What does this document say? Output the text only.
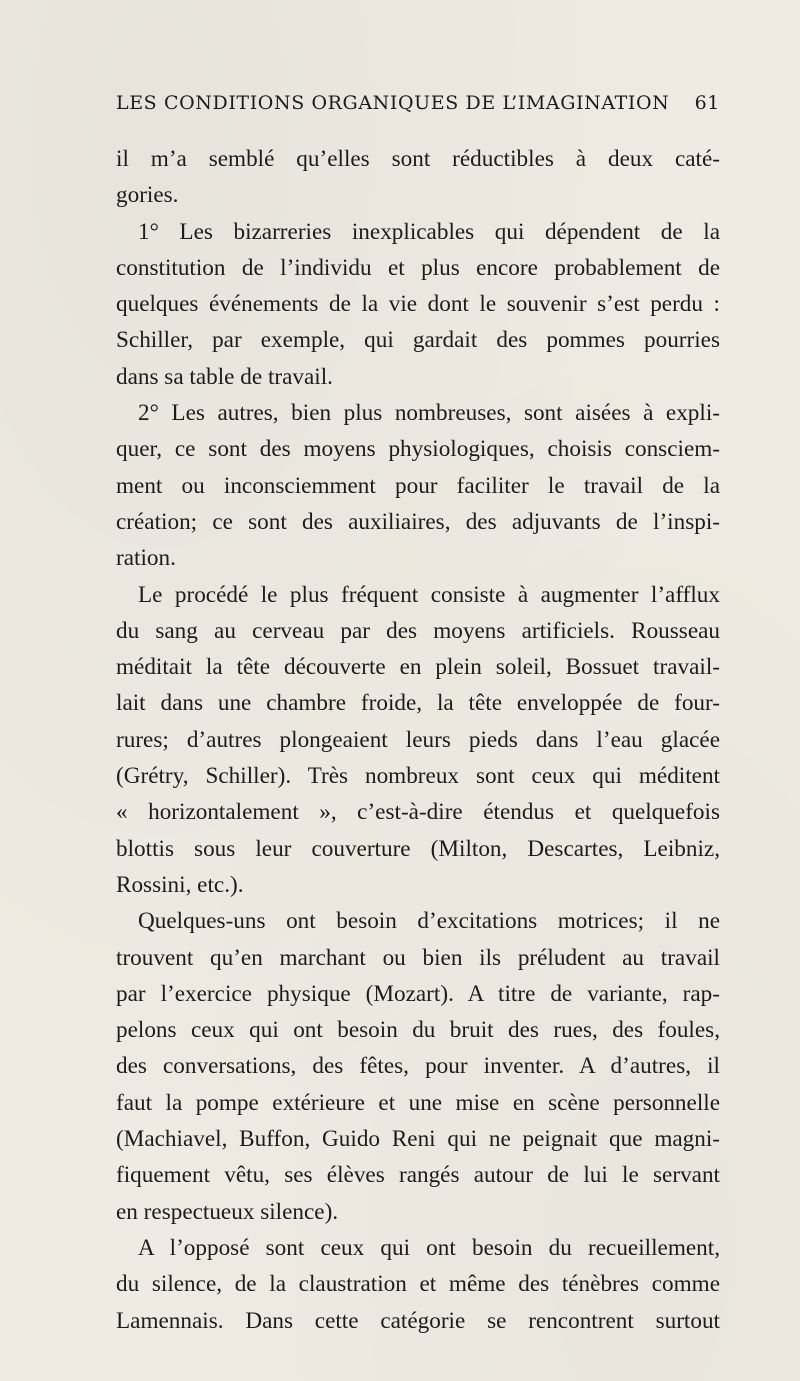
LES CONDITIONS ORGANIQUES DE L’IMAGINATION 61

il m’a semblé qu’elles sont réductibles à deux caté-
gories.

1° Les bizarreries inexplicables qui dépendent de la
constitution de l’individu et plus encore probablement de
quelques événements de la vie dont le souvenir s’est perdu :
Schiller, par exemple, qui gardait des pommes pourries
dans sa table de travail.

2° Les autres, bien plus nombreuses, sont aisées à expli-
quer, ce sont des moyens physiologiques, choisis consciem-
ment ou inconsciemment pour faciliter le travail de la
création; ce sont des auxiliaires, des adjuvants de l’inspi-
ration.

Le procédé le plus fréquent consiste à augmenter l’afflux
du sang au cerveau par des moyens artificiels. Rousseau
méditait la tête découverte en plein soleil, Bossuet travail-
lait dans une chambre froide, la tête enveloppée de four-
rures; d’autres plongeaient leurs pieds dans l’eau glacée
(Grétry, Schiller). Très nombreux sont ceux qui méditent
« horizontalement », c’est-à-dire étendus et quelquefois
blottis sous leur couverture (Milton, Descartes, Leibniz,
Rossini, etc.).

Quelques-uns ont besoin d’excitations motrices; il ne
trouvent qu’en marchant ou bien ils préludent au travail
par l’exercice physique (Mozart). A titre de variante, rap-
pelons ceux qui ont besoin du bruit des rues, des foules,
des conversations, des fêtes, pour inventer. A d’autres, il
faut la pompe extérieure et une mise en scène personnelle
(Machiavel, Buffon, Guido Reni qui ne peignait que magni-
fiquement vêtu, ses élèves rangés autour de lui le servant
en respectueux silence).

A l’opposé sont ceux qui ont besoin du recueillement,
du silence, de la claustration et même des ténèbres comme
Lamennais. Dans cette catégorie se rencontrent surtout
